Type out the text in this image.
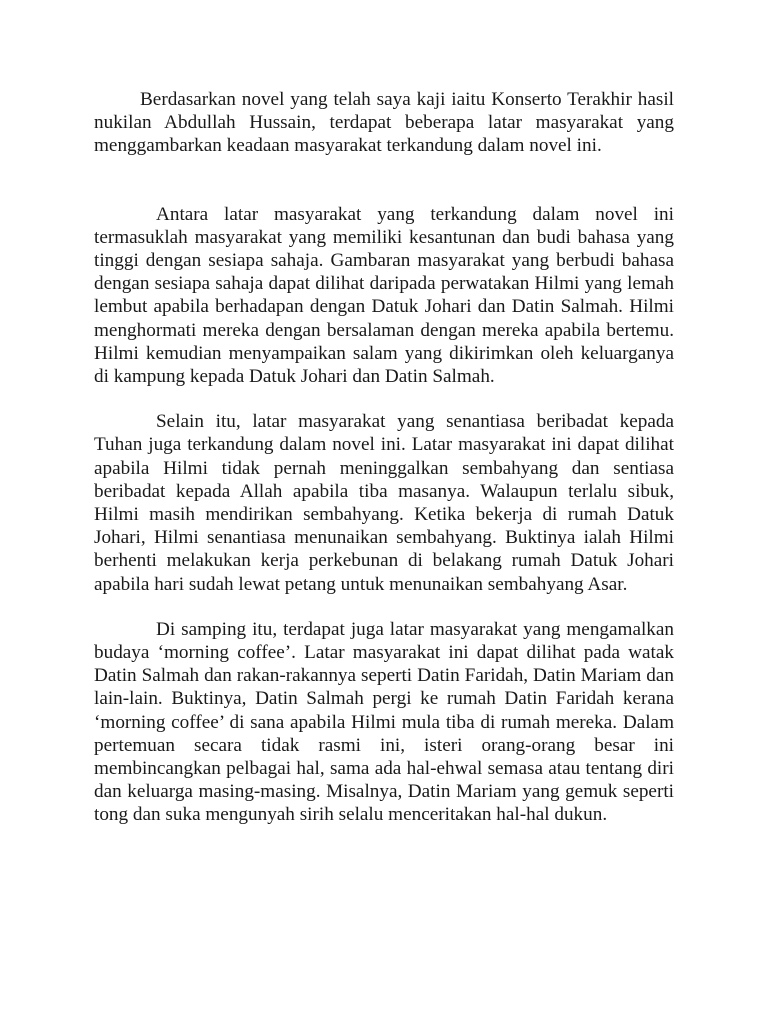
Berdasarkan novel yang telah saya kaji iaitu Konserto Terakhir hasil nukilan Abdullah Hussain, terdapat beberapa latar masyarakat yang menggambarkan keadaan masyarakat terkandung dalam novel ini.

Antara latar masyarakat yang terkandung dalam novel ini termasuklah masyarakat yang memiliki kesantunan dan budi bahasa yang tinggi dengan sesiapa sahaja. Gambaran masyarakat yang berbudi bahasa dengan sesiapa sahaja dapat dilihat daripada perwatakan Hilmi yang lemah lembut apabila berhadapan dengan Datuk Johari dan Datin Salmah. Hilmi menghormati mereka dengan bersalaman dengan mereka apabila bertemu. Hilmi kemudian menyampaikan salam yang dikirimkan oleh keluarganya di kampung kepada Datuk Johari dan Datin Salmah.

Selain itu, latar masyarakat yang senantiasa beribadat kepada Tuhan juga terkandung dalam novel ini. Latar masyarakat ini dapat dilihat apabila Hilmi tidak pernah meninggalkan sembahyang dan sentiasa beribadat kepada Allah apabila tiba masanya. Walaupun terlalu sibuk, Hilmi masih mendirikan sembahyang. Ketika bekerja di rumah Datuk Johari, Hilmi senantiasa menunaikan sembahyang. Buktinya ialah Hilmi berhenti melakukan kerja perkebunan di belakang rumah Datuk Johari apabila hari sudah lewat petang untuk menunaikan sembahyang Asar.

Di samping itu, terdapat juga latar masyarakat yang mengamalkan budaya ‘morning coffee’. Latar masyarakat ini dapat dilihat pada watak Datin Salmah dan rakan-rakannya seperti Datin Faridah, Datin Mariam dan lain-lain. Buktinya, Datin Salmah pergi ke rumah Datin Faridah kerana ‘morning coffee’ di sana apabila Hilmi mula tiba di rumah mereka. Dalam pertemuan secara tidak rasmi ini, isteri orang-orang besar ini membincangkan pelbagai hal, sama ada hal-ehwal semasa atau tentang diri dan keluarga masing-masing. Misalnya, Datin Mariam yang gemuk seperti tong dan suka mengunyah sirih selalu menceritakan hal-hal dukun.
